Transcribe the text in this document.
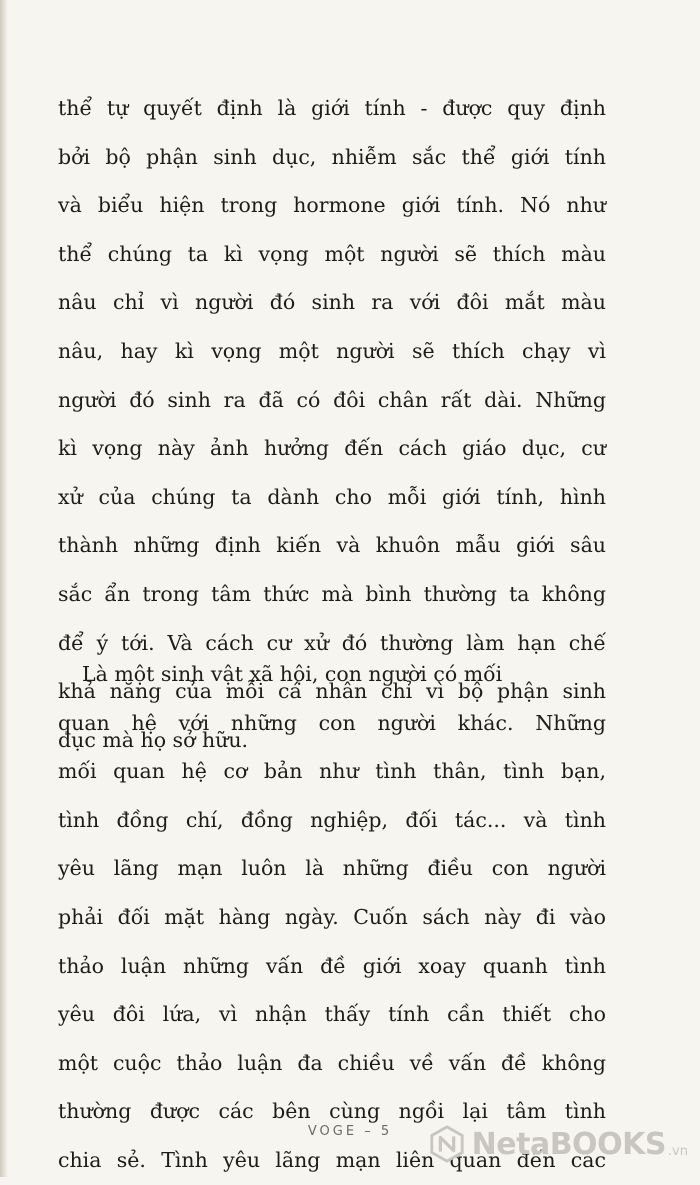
thể tự quyết định là giới tính - được quy định
bởi bộ phận sinh dục, nhiễm sắc thể giới tính
và biểu hiện trong hormone giới tính. Nó như
thể chúng ta kì vọng một người sẽ thích màu
nâu chỉ vì người đó sinh ra với đôi mắt màu
nâu, hay kì vọng một người sẽ thích chạy vì
người đó sinh ra đã có đôi chân rất dài. Những
kì vọng này ảnh hưởng đến cách giáo dục, cư
xử của chúng ta dành cho mỗi giới tính, hình
thành những định kiến và khuôn mẫu giới sâu
sắc ẩn trong tâm thức mà bình thường ta không
để ý tới. Và cách cư xử đó thường làm hạn chế
khả năng của mỗi cá nhân chỉ vì bộ phận sinh
dục mà họ sở hữu.

Là một sinh vật xã hội, con người có mối
quan hệ với những con người khác. Những
mối quan hệ cơ bản như tình thân, tình bạn,
tình đồng chí, đồng nghiệp, đối tác... và tình
yêu lãng mạn luôn là những điều con người
phải đối mặt hàng ngày. Cuốn sách này đi vào
thảo luận những vấn đề giới xoay quanh tình
yêu đôi lứa, vì nhận thấy tính cần thiết cho
một cuộc thảo luận đa chiều về vấn đề không
thường được các bên cùng ngồi lại tâm tình
chia sẻ. Tình yêu lãng mạn liên quan đến các

VOGE – 5	NetaBOOKS .vn
